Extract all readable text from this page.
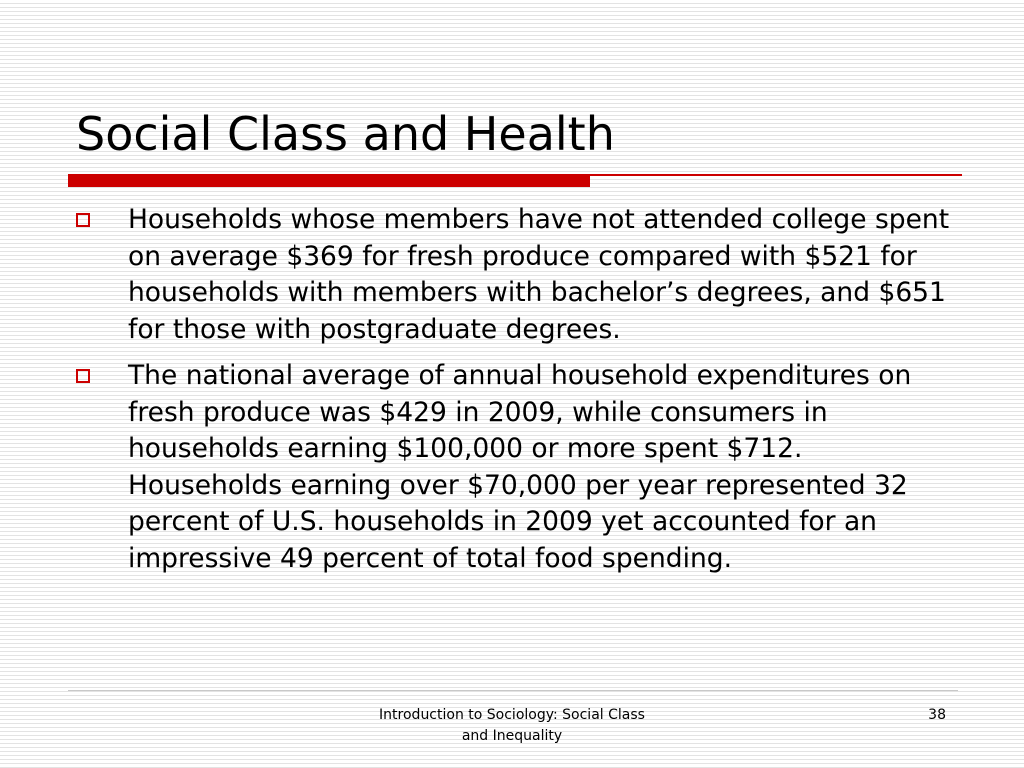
Social Class and Health
Households whose members have not attended college spent on average $369 for fresh produce compared with $521 for households with members with bachelor’s degrees, and $651 for those with postgraduate degrees.
The national average of annual household expenditures on fresh produce was $429 in 2009, while consumers in households earning $100,000 or more spent $712. Households earning over $70,000 per year represented 32 percent of U.S. households in 2009 yet accounted for an impressive 49 percent of total food spending.
Introduction to Sociology: Social Class and Inequality
38
